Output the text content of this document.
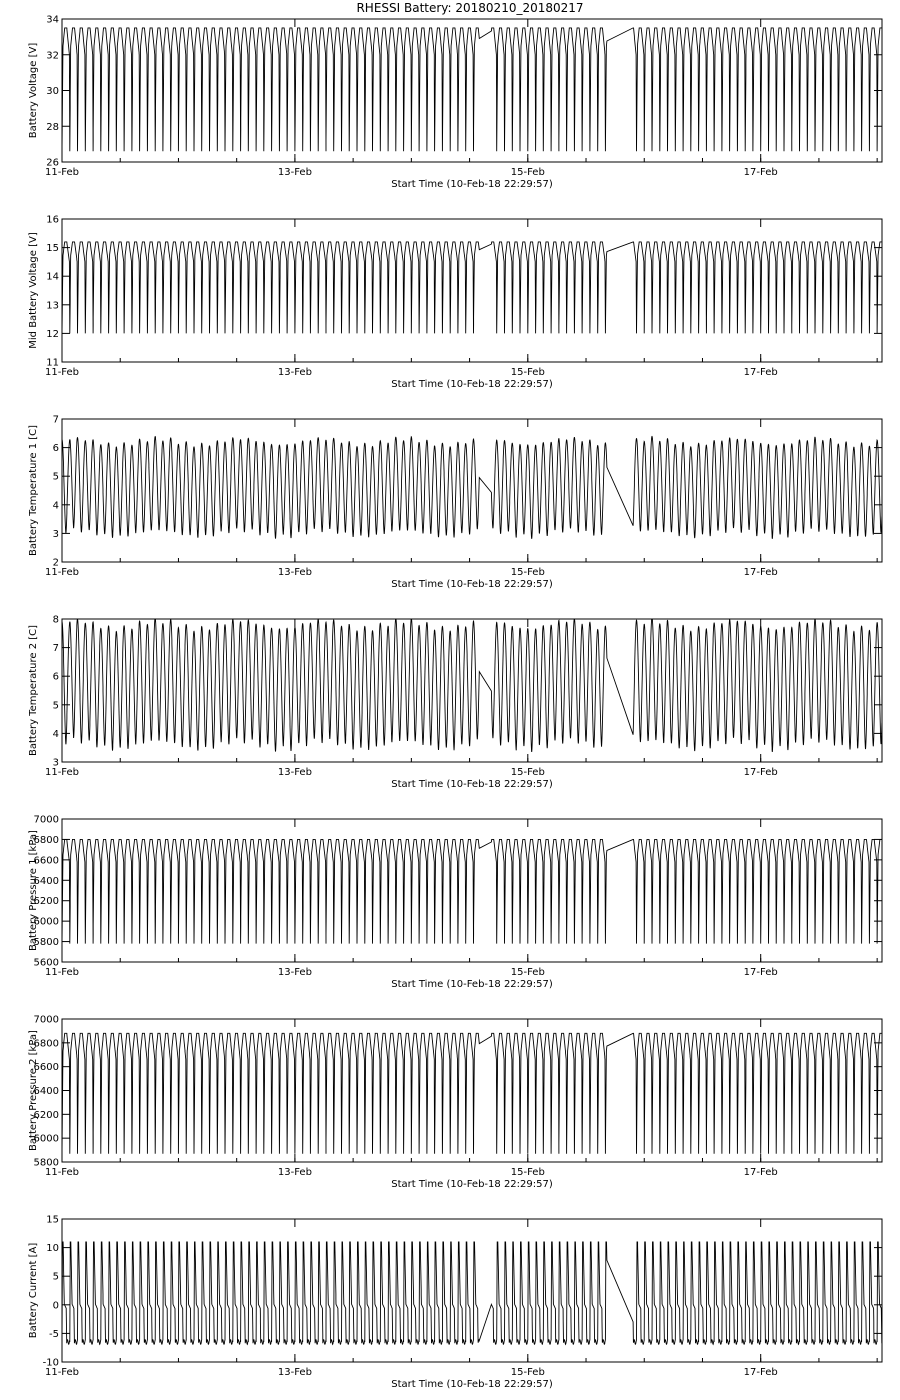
RHESSI Battery: 20180210_20180217
26
28
30
32
34
11-Feb	13-Feb	15-Feb	17-Feb
Start Time (10-Feb-18 22:29:57)
Battery Voltage [V]
11
12
13
14
15
16
11-Feb	13-Feb	15-Feb	17-Feb
Start Time (10-Feb-18 22:29:57)
Mid Battery Voltage [V]
2
3
4
5
6
7
11-Feb	13-Feb	15-Feb	17-Feb
Start Time (10-Feb-18 22:29:57)
Battery Temperature 1 [C]
3
4
5
6
7
8
11-Feb	13-Feb	15-Feb	17-Feb
Start Time (10-Feb-18 22:29:57)
Battery Temperature 2 [C]
5600
5800
6000
6200
6400
6600
6800
7000
11-Feb	13-Feb	15-Feb	17-Feb
Start Time (10-Feb-18 22:29:57)
Battery Pressure 1 [kPa]
5800
6000
6200
6400
6600
6800
7000
11-Feb	13-Feb	15-Feb	17-Feb
Start Time (10-Feb-18 22:29:57)
Battery Pressure 2 [kPa]
-10
-5
0
5
10
15
11-Feb	13-Feb	15-Feb	17-Feb
Start Time (10-Feb-18 22:29:57)
Battery Current [A]
